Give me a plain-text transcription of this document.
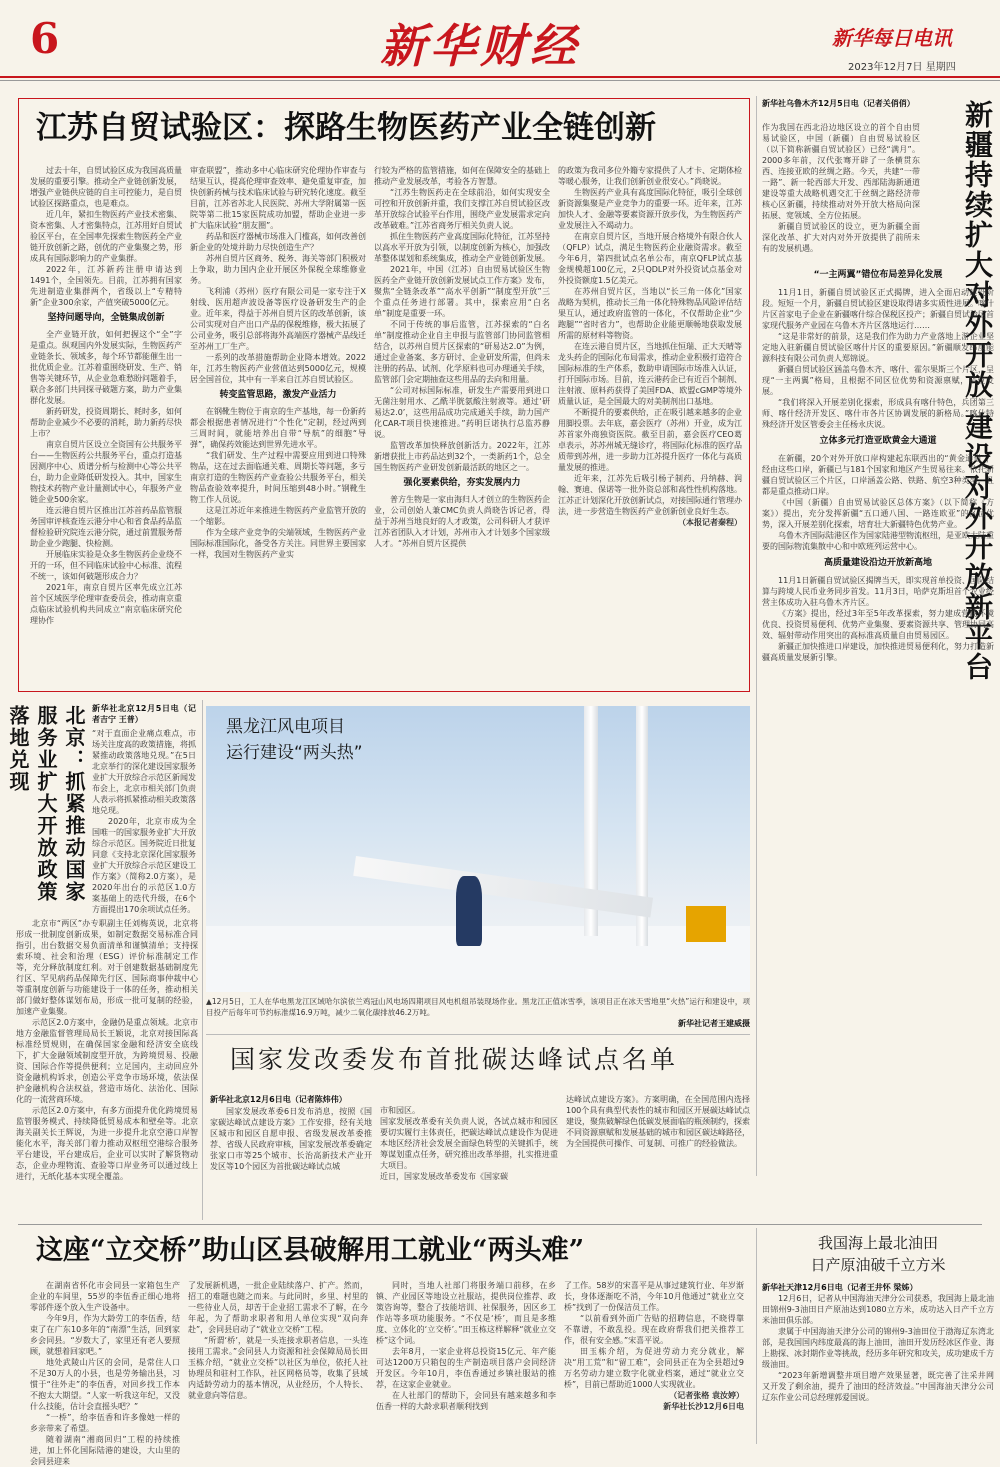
6	新华财经	新华每日电讯
2023年12月7日 星期四
江苏自贸试验区：探路生物医药产业全链创新

过去十年，自贸试验区成为我国高质量发展的重要引擎。推动全产业链创新发展，增强产业链供应链的自主可控能力，是自贸试验区探路重点，也是难点。

近几年，紧扣生物医药产业技术密集、资本密集、人才密集特点，江苏用好自贸试验区平台，在全国率先探索生物医药全产业链开放创新之路，创优的产业集聚之势，形成具有国际影响力的产业集群。

2022年，江苏新药注册申请达到1491个，全国领先。目前，江苏拥有国家先进制造业集群两个，省级以上“专精特新”企业300余家，产值突破5000亿元。

坚持问题导向，全链集成创新

全产业链开放，如何把握这个“全”字是重点。纵观国内外发展实际，生物医药产业链条长、领域多，每个环节都能催生出一批优质企业。江苏着重围绕研发、生产、销售等关键环节，从企业急难愁盼问题着手，联合多部门共同探寻破题方案，助力产业集群化发展。

新药研发，投资周期长、耗时多，如何帮助企业减少不必要的消耗，助力新药尽快上市？

南京自贸片区设立全资国有公共服务平台——生物医药公共服务平台，重点打造基因测序中心、质谱分析与检测中心等公共平台，助力企业降低研发投入。其中，国家生物技术药物产业计量测试中心，年服务产业链企业500余家。

连云港自贸片区推出江苏首药品监管服务国审评核查连云港分中心和省食品药品监督检验研究院连云港分院，通过前置服务帮助企业少跑腿、快检测。

开展临床实验是众多生物医药企业绕不开的一环，但不同临床试验中心标准、流程不统一，该如何破题形成合力？

2021年，南京自贸片区率先成立江苏首个区域医学伦理审查委员会，推动南京重点临床试验机构共同成立“南京临床研究伦理协作

审查联盟”，推动多中心临床研究伦理协作审查与结果互认，提高伦理审查效率、避免重复审查，加快创新药械与技术临床试验与研究转化速度。截至目前，江苏省苏北人民医院、苏州大学附属第一医院等第二批15家医院成功加盟，帮助企业进一步扩大临床试验“朋友圈”。

药品和医疗器械市场准入门槛高，如何改善创新企业的处境并助力尽快创造生产？

苏州自贸片区商务、税务、海关等部门积极对上争取，助力国内企业开展区外保税全球维修业务。

飞利浦（苏州）医疗有限公司是一家专注于X射线、医用超声波设备等医疗设备研发生产的企业。近年来，得益于苏州自贸片区的改革创新，该公司实现对自产出口产品的保税维修，极大拓展了公司业务，吸引总部将海外高端医疗器械产品线迁至苏州工厂生产。

一系列的改革措施帮助企业降本增效。2022年，江苏生物医药产业营值达到5000亿元，规模居全国首位，其中有一半来自江苏自贸试验区。

转变监管思路，激发产业活力

在钢靴生物位于南京的生产基地，每一份新药都会根据患者情况进行“个性化”定制，经过两到三周时间，就能培养出自带“导航”的细胞“导弹”，确保药效能达到世界先进水平。

“我们研发、生产过程中需要应用到进口特殊物品，这在过去面临通关难、周期长等问题，多亏南京打造的生物医药产业查验公共服务平台，相关物品查验效率提升，时间压缩到48小时。”钢靴生物工作人员说。

这是江苏近年来推进生物医药产业监管开放的一个缩影。

作为全球产业竞争的尖端领域，生物医药产业国际标准国际化，备受各方关注。同世界主要国家一样，我国对生物医药产业实

行较为严格的监管措施，如何在保障安全的基础上推动产业发展改革，考验各方智慧。

“江苏生物医药走在全球前沿，如何实现安全可控和开放创新并重，我们支撑江苏自贸试验区改革开放综合试验平台作用，围绕产业发展需求定向改革破难。”江苏省商务厅相关负责人说。

抓住生物医药产业高度国际化特征，江苏坚持以高水平开放为引领，以制度创新为核心，加强改革整体谋划和系统集成，推动全产业链创新发展。

2021年，中国（江苏）自由贸易试验区生物医药全产业链开放创新发展试点工作方案》发布，聚焦“全链条改革”“高水平创新”“制度型开放”三个重点任务进行部署。其中，探索应用“白名单”制度是重要一环。

不同于传统的事后监管，江苏探索的“白名单”制度推动企业自主申报与监管部门协同监管相结合，以苏州自贸片区探索的“研易达2.0”为例，通过企业备案、多方研讨、企业研发所需，但尚未注册的药品、试剂、化学原料也可办理通关手续，监管部门会定期抽查这些用品的去向和用量。

“公司对标国际标准，研发生产需要用到进口无菌注射用水、乙酰半胱氨酸注射液等。通过‘研易达2.0’，这些用品成功完成通关手续，助力国产化CAR-T项目快速推进。”药明巨诺执行总监苏静说。

监管改革加快释放创新活力。2022年，江苏新增获批上市药品达到32个，一类新药1个，总全国生物医药产业研发创新最活跃的地区之一。

强化要素供给，夯实发展内力

普方生物是一家由海归人才创立的生物医药企业，公司创始人兼CMC负责人尚晓告诉记者，得益于苏州当地良好的人才政策，公司科研人才获评江苏省团队入才计划，苏州市入才计划多个国家级人才。“苏州自贸片区提供

的政策为我司多位外籍专家提供了人才卡、定期体检等暖心服务，让我们创新创业很安心。”尚晓说。

生物医药产业具有高度国际化特征，吸引全球创新资源集聚是产业竞争力的重要一环。近年来，江苏加快人才、金融等要素资源开放步伐，为生物医药产业发展注入不竭动力。

在南京自贸片区，当地开展合格境外有限合伙人（QFLP）试点，满足生物医药企业融资需求。截至今年6月，第四批试点名单公布，南京QFLP试点基金规模超100亿元，2只QDLP对外投资试点基金对外投资额度1.5亿美元。

在苏州自贸片区，当地以“长三角一体化”国家战略为契机，推动长三角一体化特殊物品风险评估结果互认，通过政府监管的一体化，不仅帮助企业“少跑腿”“省时省力”，也帮助企业能更顺畅地获取发展所需的原材料等物资。

在连云港自贸片区，当地抓住恒瑞、正大天晴等龙头药企的国际化布局需求，推动企业积极打造符合国际标准的生产体系，数助申请国际市场准入认证，打开国际市场。目前，连云港药企已有近百个制剂、注射液、原料药获得了美国FDA、欧盟cGMP等境外质量认证，是全国最大的对美制剂出口基地。

不断提升的要素供给，正在吸引越来越多的企业用脚投票。去年底，嘉会医疗（苏州）开业，成为江苏首家外商独资医院。截至目前，嘉会医疗CEO葛卓表示，苏苏州城无缝诊疗，将国际化标准的医疗品质带到苏州，进一步助力江苏提升医疗一体化与高质量发展的推进。

近年来，江苏先后吸引杨子制药、丹纳赫、润翰、赛迪、保诺等一批外资总部和高性性机构落地。江苏正计划深化开放创新试点，对接国际通行管理办法，进一步营造生物医药产业创新创业良好生态。

（本报记者秦程）

新华社乌鲁木齐12月5日电（记者关俏俏）

作为我国在西北沿边地区设立的首个自由贸易试验区，中国（新疆）自由贸易试验区（以下简称新疆自贸试验区）已经“满月”。2000多年前，汉代张骞开辟了一条横贯东西、连接亚欧的丝绸之路。今天，共建“一带一路”、新一轮西部大开发、西部陆海新通道建设等重大战略机遇交汇于丝绸之路经济带核心区新疆，持续推动对外开放大格局向深拓展、宽领域、全方位拓展。

新疆自贸试验区的设立，更为新疆全面深化改革、扩大对内对外开放提供了前所未有的发展机遇。	新疆持续扩大对外开放 建设对外开放新平台
“一主两翼”错位布局差异化发展

11月1日，新疆自贸试验区正式揭牌，进入全面启动建设阶段。短短一个月，新疆自贸试验区建设取得诸多实质性进展。喀什片区首家电子企业在新疆喀什综合保税区投产；新疆自贸试验区首家现代服务产业园在乌鲁木齐片区落地运行……

“这是非常好的前景，这是我们作为助力产业落地上游企业坚定地入驻新疆自贸试验区喀什片区的重要原因。”新疆顺发纬度能源科技有限公司负责人郑锦说。

新疆自贸试验区涵盖乌鲁木齐、喀什、霍尔果斯三个片区，呈现“一主两翼”格局，且根据不同区位优势和资源禀赋，错位发展。

“我们将深入开展差别化探索，形成具有喀什特色，兵团第三师、喀什经济开发区、喀什市各片区协调发展的新格局。”喀什特殊经济开发区管委会主任杨永庆说。

立体多元打造亚欧黄金大通道

在新疆，20个对外开放口岸构建起东联西出的“黄金通道”，经由这些口岸，新疆已与181个国家和地区产生贸易往来。依托新疆自贸试验区三个片区，口岸涵盖公路、铁路、航空3种类型，且都是重点推动口岸。

《中国（新疆）自由贸易试验区总体方案》（以下简称《方案》）提出，充分发挥新疆“五口通八国、一路连欧亚”的区位优势，深入开展差别化探索，培育壮大新疆特色优势产业。

乌鲁木齐国际陆港区作为国家陆港型物流枢纽，是亚欧大陆重要的国际物流集散中心和中欧班列运营中心。

高质量建设沿边开放新高地

11月1日新疆自贸试验区揭牌当天，即实现首单投资、国际结算与跨境人民币业务同步首发。11月3日，哈萨克斯坦首个农业经营主体成功入驻乌鲁木齐片区。

《方案》提出，经过3年至5年改革探索，努力建成营商环境优良、投资贸易便利、优势产业集聚、要素资源共享、管理协同高效、辐射带动作用突出的高标准高质量自由贸易园区。

新疆正加快推进口岸建设，加快推进贸易便利化，努力打造新疆高质量发展新引擎。

北京：抓紧推动国家服务业扩大开放政策落地兑现	新华社北京12月5日电（记者吉宁 王普）

“对于直面企业痛点难点，市场关注度高的政策措施，将抓紧推动政策落地兑现。”在5日北京举行的深化建设国家服务业扩大开放综合示范区新闻发布会上，北京市相关部门负责人表示将抓紧推动相关政策落地兑现。

2020年，北京市成为全国唯一的国家服务业扩大开放综合示范区。国务院近日批复同意《支持北京深化国家服务业扩大开放综合示范区建设工作方案》（简称2.0方案），是2020年出台的示范区1.0方案基础上的迭代升级，在6个方面提出170余项试点任务。

北京市“两区”办专职副主任刘梅英说，北京将形成一批制度创新成果，如制定数据交易标准合同指引，出台数据交易负面清单和谨慎清单；支持探索环境、社会和治理（ESG）评价标准制定工作等，充分释放制度红利。对于创建数据基础制度先行区、罕见病药品保障先行区、国际商事仲裁中心等重制度创新与功能建设于一体的任务，推动相关部门做好整体谋划布局，形成一批可复制的经验，加速产业集聚。

示范区2.0方案中，金融仍是重点领域。北京市地方金融监督管理局局长王颖说，北京对接国际高标准经贸规则，在确保国家金融和经济安全底线下，扩大金融领域制度型开放，为跨境贸易、投融资、国际合作等提供便利；立足国内，主动回应外资金融机构诉求，创造公平竞争市场环境，依法保护金融机构合法权益，营造市场化、法治化、国际化的一流营商环境。

示范区2.0方案中，有多方面提升优化跨境贸易监管服务模式、持续降低贸易成本和壁垒等。北京海关副关长王辉说，为进一步提升北京空港口岸智能化水平，海关部门着力推动双枢纽空港综合服务平台建设，平台建成后，企业可以实时了解货物动态，企业办理物流、查验等口岸业务可以通过线上进行，无纸化基本实现全覆盖。

黑龙江风电项目
运行建设“两头热”
▲12月5日，工人在华电黑龙江区域哈尔滨依兰鸡冠山风电场四期项目风电机组吊装现场作业。黑龙江正值冰雪季，该项目正在冰天雪地里“火热”运行和建设中，项目投产后每年可节约标准煤16.9万吨，减少二氧化碳排放46.2万吨。
新华社记者王建威摄
国家发改委发布首批碳达峰试点名单
新华社北京12月6日电（记者陈炜伟）

国家发展改革委6日发布消息，按照《国家碳达峰试点建设方案》工作安排，经有关地区城市和园区自愿申报、省级发展改革委推荐、省级人民政府审核，国家发展改革委确定张家口市等25个城市、长治高新技术产业开发区等10个园区为首批碳达峰试点城

市和园区。
国家发展改革委有关负责人说，各试点城市和园区要切实履行主体责任，把碳达峰试点建设作为促进本地区经济社会发展全面绿色转型的关键抓手，统筹谋划重点任务，研究推出改革举措，扎实推进重大项目。
近日，国家发展改革委发布《国家碳

达峰试点建设方案》。方案明确，在全国范围内选择100个具有典型代表性的城市和园区开展碳达峰试点建设，聚焦破解绿色低碳发展面临的瓶颈制约，探索不同资源禀赋和发展基础的城市和园区碳达峰路径，为全国提供可操作、可复制、可推广的经验做法。

这座“立交桥”助山区县破解用工就业“两头难”

在湖南省怀化市会同县一家箱包生产企业的车间里，55岁的李伍香正细心地将零部件逐个放入生产设备中。

今年9月，作为大龄劳工的李伍香，结束了在广东10多年的“南漂”生活，回到家乡会同县。“岁数大了，家里还有老人要照顾，就想着回家吧。”

地处武陵山片区的会同，是常住人口不足30万人的小县，也是劳务输出县，习惯于“往外走”的李伍香，对回乡找工作本不抱太大期望。“人家一听我这年纪，又没什么技能，估计会直摇头吧？”

“一桥”，给李伍香和许多像她一样的乡亲带来了希望。

随着湖南“湘商回归”工程的持续推进，加上怀化国际陆港的建设，大山里的会同县迎来

了发展新机遇，一批企业陆续落户、扩产。然而，招工的难题也随之而来。与此同时，乡里、村里的一些待业人员，却苦于企业招工需求不了解，在今年起，为了帮助求职者和用人单位实现“双向奔赴”，会同县启动了“就业立交桥”工程。

“所谓‘桥’，就是一头连接求职者信息，一头连接用工需求。”会同县人力资源和社会保障局局长田玉栋介绍，“就业立交桥”以社区为单位，依托人社协理员和驻村工作队，社区网格员等，收集了县域内适龄劳动力的基本情况，从业经历，个人特长、就业意向等信息。

同时，当地人社部门将服务端口前移，在乡镇、产业园区等地设立社服站，提供岗位推荐、政策咨询等，整合了技能培训、社保服务，因区乡工作站等多项功能服务。“不仅是‘桥’，而且是多维度、立体化的‘立交桥’。”田玉栋这样解释“就业立交桥”这个词。

去年8月，一家企业将总投资15亿元、年产能可达1200万只箱包的生产制造项目落户会同经济开发区。今年10月，李伍香通过乡镇社服站的推荐，在这家企业就业。

在人社部门的帮助下，会同县有越来越多和李伍香一样的大龄求职者顺利找到

了工作。58岁的宋喜平是从事过建筑行业、年岁渐长，身体逐渐吃不消，今年10月他通过“就业立交桥”找到了一份保洁员工作。

“以前看到外面广告贴的招聘信息，不晓得靠不靠谱，不敢乱投。现在政府帮我们把关推荐工作，很有安全感。”宋喜平说。

田玉栋介绍，为促进劳动力充分就业，解决“用工荒”和“留工难”，会同县正在为全县超过9万名劳动力建立数字化就业档案，通过“就业立交桥”，目前已帮助近1000人实现就业。

（记者张格 袁汝婷）

新华社长沙12月6日电

我国海上最北油田
日产原油破千立方米

新华社天津12月6日电（记者王井怀 梁姊）

12月6日，记者从中国海油天津分公司获悉，我国海上最北油田锦州9-3油田日产原油达到1080立方米，成功达入日产千立方米油田俱乐部。

隶属于中国海油天津分公司的锦州9-3油田位于渤海辽东湾北部，是我国国内纬度最高的海上油田，油田开发历经冰区作业、海上勘探、冰封期作业等挑战，经历多年研究和攻关，成功建成千方级油田。

“2023年新增调整井项目增产效果显著，既完善了注采井网又开发了剩余油，提升了油田的经济效益。”中国海油天津分公司辽东作业公司总经理郭爱国说。
